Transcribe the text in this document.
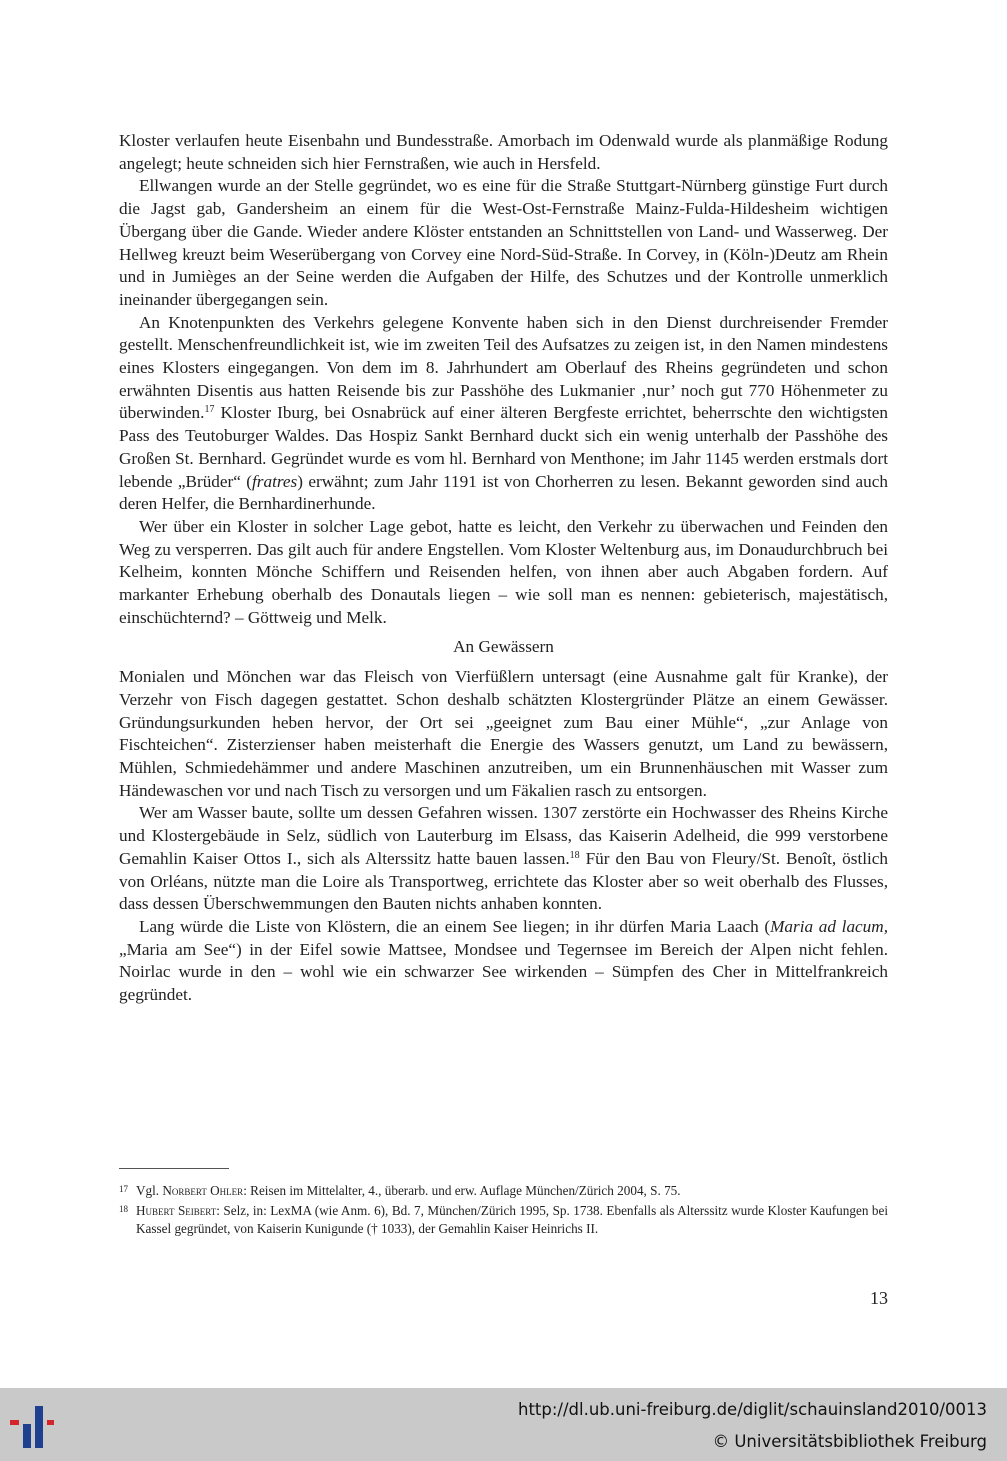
Kloster verlaufen heute Eisenbahn und Bundesstraße. Amorbach im Odenwald wurde als planmäßige Rodung angelegt; heute schneiden sich hier Fernstraßen, wie auch in Hersfeld.

Ellwangen wurde an der Stelle gegründet, wo es eine für die Straße Stuttgart-Nürnberg günstige Furt durch die Jagst gab, Gandersheim an einem für die West-Ost-Fernstraße Mainz-Fulda-Hildesheim wichtigen Übergang über die Gande. Wieder andere Klöster entstanden an Schnittstellen von Land- und Wasserweg. Der Hellweg kreuzt beim Weserübergang von Corvey eine Nord-Süd-Straße. In Corvey, in (Köln-)Deutz am Rhein und in Jumièges an der Seine werden die Aufgaben der Hilfe, des Schutzes und der Kontrolle unmerklich ineinander übergegangen sein.

An Knotenpunkten des Verkehrs gelegene Konvente haben sich in den Dienst durchreisender Fremder gestellt. Menschenfreundlichkeit ist, wie im zweiten Teil des Aufsatzes zu zeigen ist, in den Namen mindestens eines Klosters eingegangen. Von dem im 8. Jahrhundert am Oberlauf des Rheins gegründeten und schon erwähnten Disentis aus hatten Reisende bis zur Passhöhe des Lukmanier ‚nur’ noch gut 770 Höhenmeter zu überwinden.$^{17}$ Kloster Iburg, bei Osnabrück auf einer älteren Bergfeste errichtet, beherrschte den wichtigsten Pass des Teutoburger Waldes. Das Hospiz Sankt Bernhard duckt sich ein wenig unterhalb der Passhöhe des Großen St. Bernhard. Gegründet wurde es vom hl. Bernhard von Menthone; im Jahr 1145 werden erstmals dort lebende „Brüder“ (fratres) erwähnt; zum Jahr 1191 ist von Chorherren zu lesen. Bekannt geworden sind auch deren Helfer, die Bernhardinerhunde.

Wer über ein Kloster in solcher Lage gebot, hatte es leicht, den Verkehr zu überwachen und Feinden den Weg zu versperren. Das gilt auch für andere Engstellen. Vom Kloster Weltenburg aus, im Donaudurchbruch bei Kelheim, konnten Mönche Schiffern und Reisenden helfen, von ihnen aber auch Abgaben fordern. Auf markanter Erhebung oberhalb des Donautals liegen – wie soll man es nennen: gebieterisch, majestätisch, einschüchternd? – Göttweig und Melk.

An Gewässern

Monialen und Mönchen war das Fleisch von Vierfüßlern untersagt (eine Ausnahme galt für Kranke), der Verzehr von Fisch dagegen gestattet. Schon deshalb schätzten Klostergründer Plätze an einem Gewässer. Gründungsurkunden heben hervor, der Ort sei „geeignet zum Bau einer Mühle“, „zur Anlage von Fischteichen“. Zisterzienser haben meisterhaft die Energie des Wassers genutzt, um Land zu bewässern, Mühlen, Schmiedehämmer und andere Maschinen anzutreiben, um ein Brunnenhäuschen mit Wasser zum Händewaschen vor und nach Tisch zu versorgen und um Fäkalien rasch zu entsorgen.

Wer am Wasser baute, sollte um dessen Gefahren wissen. 1307 zerstörte ein Hochwasser des Rheins Kirche und Klostergebäude in Selz, südlich von Lauterburg im Elsass, das Kaiserin Adelheid, die 999 verstorbene Gemahlin Kaiser Ottos I., sich als Alterssitz hatte bauen lassen.$^{18}$ Für den Bau von Fleury/St. Benoît, östlich von Orléans, nützte man die Loire als Transportweg, errichtete das Kloster aber so weit oberhalb des Flusses, dass dessen Überschwemmungen den Bauten nichts anhaben konnten.

Lang würde die Liste von Klöstern, die an einem See liegen; in ihr dürfen Maria Laach (Maria ad lacum, „Maria am See“) in der Eifel sowie Mattsee, Mondsee und Tegernsee im Bereich der Alpen nicht fehlen. Noirlac wurde in den – wohl wie ein schwarzer See wirkenden – Sümpfen des Cher in Mittelfrankreich gegründet.

17 Vgl. Norbert Ohler: Reisen im Mittelalter, 4., überarb. und erw. Auflage München/Zürich 2004, S. 75.

18 Hubert Seibert: Selz, in: LexMA (wie Anm. 6), Bd. 7, München/Zürich 1995, Sp. 1738. Ebenfalls als Alterssitz wurde Kloster Kaufungen bei Kassel gegründet, von Kaiserin Kunigunde († 1033), der Gemahlin Kaiser Heinrichs II.

13
http://dl.ub.uni-freiburg.de/diglit/schauinsland2010/0013
© Universitätsbibliothek Freiburg
